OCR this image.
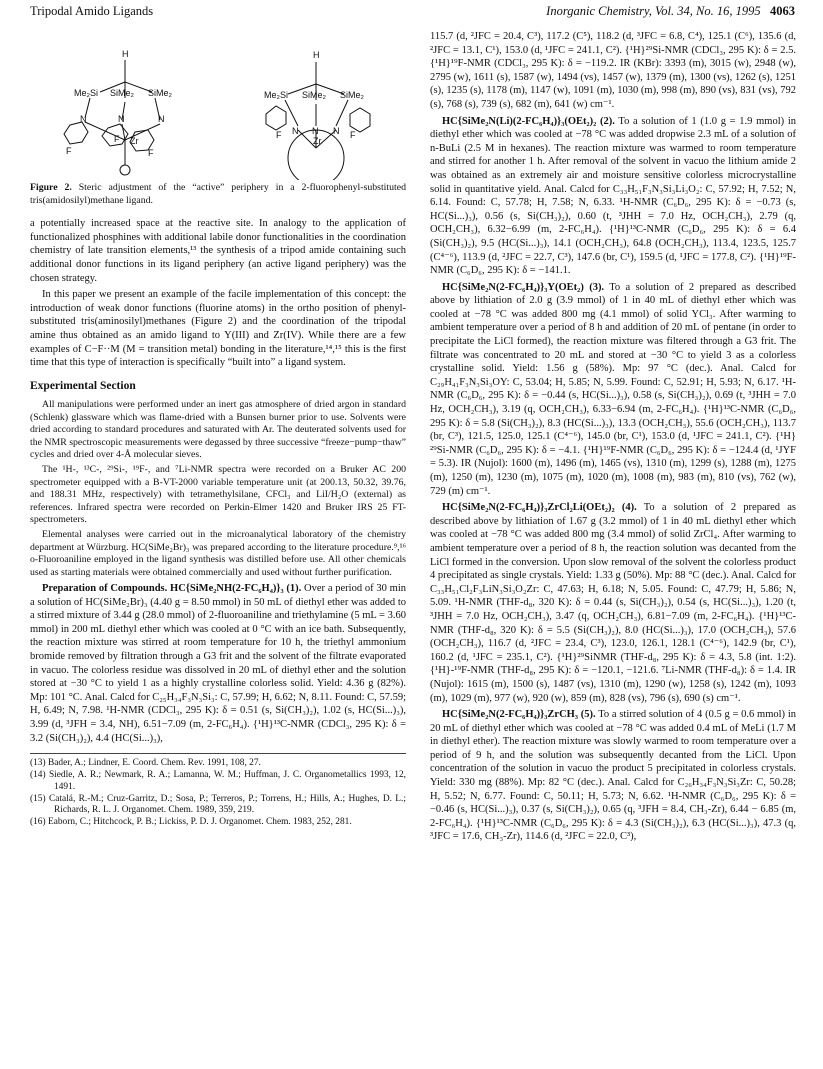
Tripodal Amido Ligands	Inorganic Chemistry, Vol. 34, No. 16, 1995 4063
H
Me₂Si SiMe₂ SiMe₂
N	N	N
F
F
F
Zr
H
Me₂Si SiMe₂ SiMe₂
N N N
F	F
Zr
Figure 2. Steric adjustment of the “active” periphery in a 2-fluorophenyl-substituted tris(amidosilyl)methane ligand.

a potentially increased space at the reactive site. In analogy to the application of functionalized phosphines with additional labile donor functionalities in the coordination chemistry of late transition elements,¹³ the synthesis of a tripod amide containing such additional donor functions in its ligand periphery (an active ligand periphery) was the chosen strategy.

In this paper we present an example of the facile implementation of this concept: the introduction of weak donor functions (fluorine atoms) in the ortho position of phenyl-substituted tris(aminosilyl)methanes (Figure 2) and the coordination of the tripodal amine thus obtained as an amido ligand to Y(III) and Zr(IV). While there are a few examples of C−F··M (M = transition metal) bonding in the literature,¹⁴,¹⁵ this is the first time that this type of interaction is specifically “built into” a ligand system.

Experimental Section

All manipulations were performed under an inert gas atmosphere of dried argon in standard (Schlenk) glassware which was flame-dried with a Bunsen burner prior to use. Solvents were dried according to standard procedures and saturated with Ar. The deuterated solvents used for the NMR spectroscopic measurements were degassed by three successive “freeze−pump−thaw” cycles and dried over 4-Å molecular sieves.

The ¹H-, ¹³C-, ²⁹Si-, ¹⁹F-, and ⁷Li-NMR spectra were recorded on a Bruker AC 200 spectrometer equipped with a B-VT-2000 variable temperature unit (at 200.13, 50.32, 39.76, and 188.31 MHz, respectively) with tetramethylsilane, CFCl₃ and LiI/H₂O (external) as references. Infrared spectra were recorded on Perkin-Elmer 1420 and Bruker IRS 25 FT-spectrometers.

Elemental analyses were carried out in the microanalytical laboratory of the chemistry department at Würzburg. HC(SiMe₂Br)₃ was prepared according to the literature procedure.⁹,¹⁶ o-Fluoroaniline employed in the ligand synthesis was distilled before use. All other chemicals used as starting materials were obtained commercially and used without further purification.

Preparation of Compounds. HC{SiMe₂NH(2-FC₆H₄)}₃ (1). Over a period of 30 min a solution of HC(SiMe₂Br)₃ (4.40 g = 8.50 mmol) in 50 mL of diethyl ether was added to a stirred mixture of 3.44 g (28.0 mmol) of 2-fluoroaniline and triethylamine (5 mL = 3.60 mmol) in 200 mL diethyl ether which was cooled at 0 °C with an ice bath. Subsequently, the reaction mixture was stirred at room temperature for 10 h, the triethyl ammonium bromide removed by filtration through a G3 frit and the solvent of the filtrate evaporated in vacuo. The colorless residue was dissolved in 20 mL of diethyl ether and the solution stored at −30 °C to yield 1 as a highly crystalline colorless solid. Yield: 4.36 g (82%). Mp: 101 °C. Anal. Calcd for C₂₅H₃₄F₃N₃Si₃: C, 57.99; H, 6.62; N, 8.11. Found: C, 57.59; H, 6.49; N, 7.98. ¹H-NMR (CDCl₃, 295 K): δ = 0.51 (s, Si(CH₃)₂), 1.02 (s, HC(Si...)₃), 3.99 (d, ³JFH = 3.4, NH), 6.51−7.09 (m, 2-FC₆H₄). {¹H}¹³C-NMR (CDCl₃, 295 K): δ = 3.2 (Si(CH₃)₂), 4.4 (HC(Si...)₃),

(13) Bader, A.; Lindner, E. Coord. Chem. Rev. 1991, 108, 27.

(14) Siedle, A. R.; Newmark, R. A.; Lamanna, W. M.; Huffman, J. C. Organometallics 1993, 12, 1491.

(15) Catalá, R.-M.; Cruz-Garritz, D.; Sosa, P.; Terreros, P.; Torrens, H.; Hills, A.; Hughes, D. L.; Richards, R. L. J. Organomet. Chem. 1989, 359, 219.

(16) Eaborn, C.; Hitchcock, P. B.; Lickiss, P. D. J. Organomet. Chem. 1983, 252, 281.

115.7 (d, ²JFC = 20.4, C³), 117.2 (C⁵), 118.2 (d, ³JFC = 6.8, C⁴), 125.1 (C⁶), 135.6 (d, ²JFC = 13.1, C¹), 153.0 (d, ¹JFC = 241.1, C²). {¹H}²⁹Si-NMR (CDCl₃, 295 K): δ = 2.5. {¹H}¹⁹F-NMR (CDCl₃, 295 K): δ = −119.2. IR (KBr): 3393 (m), 3015 (w), 2948 (w), 2795 (w), 1611 (s), 1587 (w), 1494 (vs), 1457 (w), 1379 (m), 1300 (vs), 1262 (s), 1251 (s), 1235 (s), 1178 (m), 1147 (w), 1091 (m), 1030 (m), 998 (m), 890 (vs), 831 (vs), 792 (s), 768 (s), 739 (s), 682 (m), 641 (w) cm⁻¹.

HC{SiMe₂N(Li)(2-FC₆H₄)}₃(OEt₂)₂ (2). To a solution of 1 (1.0 g = 1.9 mmol) in diethyl ether which was cooled at −78 °C was added dropwise 2.3 mL of a solution of n-BuLi (2.5 M in hexanes). The reaction mixture was warmed to room temperature and stirred for another 1 h. After removal of the solvent in vacuo the lithium amide 2 was obtained as an extremely air and moisture sensitive colorless microcrystalline solid in quantitative yield. Anal. Calcd for C₃₃H₅₁F₃N₃Si₃Li₃O₂: C, 57.92; H, 7.52; N, 6.14. Found: C, 57.78; H, 7.58; N, 6.33. ¹H-NMR (C₆D₆, 295 K): δ = −0.73 (s, HC(Si...)₃), 0.56 (s, Si(CH₃)₂), 0.60 (t, ³JHH = 7.0 Hz, OCH₂CH₃), 2.79 (q, OCH₂CH₃), 6.32−6.99 (m, 2-FC₆H₄). {¹H}¹³C-NMR (C₆D₆, 295 K): δ = 6.4 (Si(CH₃)₂), 9.5 (HC(Si...)₃), 14.1 (OCH₂CH₃), 64.8 (OCH₂CH₃), 113.4, 123.5, 125.7 (C⁴⁻⁶), 113.9 (d, ²JFC = 22.7, C³), 147.6 (br, C¹), 159.5 (d, ¹JFC = 177.8, C²). {¹H}¹⁹F-NMR (C₆D₆, 295 K): δ = −141.1.

HC{SiMe₂N(2-FC₆H₄)}₃Y(OEt₂) (3). To a solution of 2 prepared as described above by lithiation of 2.0 g (3.9 mmol) of 1 in 40 mL of diethyl ether which was cooled at −78 °C was added 800 mg (4.1 mmol) of solid YCl₃. After warming to ambient temperature over a period of 8 h and addition of 20 mL of pentane (in order to precipitate the LiCl formed), the reaction mixture was filtered through a G3 frit. The filtrate was concentrated to 20 mL and stored at −30 °C to yield 3 as a colorless crystalline solid. Yield: 1.56 g (58%). Mp: 97 °C (dec.). Anal. Calcd for C₂₉H₄₁F₃N₃Si₃OY: C, 53.04; H, 5.85; N, 5.99. Found: C, 52.91; H, 5.93; N, 6.17. ¹H-NMR (C₆D₆, 295 K): δ = −0.44 (s, HC(Si...)₃), 0.58 (s, Si(CH₃)₂), 0.69 (t, ³JHH = 7.0 Hz, OCH₂CH₃), 3.19 (q, OCH₂CH₃), 6.33−6.94 (m, 2-FC₆H₄). {¹H}¹³C-NMR (C₆D₆, 295 K): δ = 5.8 (Si(CH₃)₂), 8.3 (HC(Si...)₃), 13.3 (OCH₂CH₃), 55.6 (OCH₂CH₃), 113.7 (br, C³), 121.5, 125.0, 125.1 (C⁴⁻⁶), 145.0 (br, C¹), 153.0 (d, ¹JFC = 241.1, C²). {¹H}²⁹Si-NMR (C₆D₆, 295 K): δ = −4.1. {¹H}¹⁹F-NMR (C₆D₆, 295 K): δ = −124.4 (d, ¹JYF = 5.3). IR (Nujol): 1600 (m), 1496 (m), 1465 (vs), 1310 (m), 1299 (s), 1288 (m), 1275 (m), 1250 (m), 1230 (m), 1075 (m), 1020 (m), 1008 (m), 983 (m), 810 (vs), 762 (w), 729 (m) cm⁻¹.

HC{SiMe₂N(2-FC₆H₄)}₃ZrCl₂Li(OEt₂)₂ (4). To a solution of 2 prepared as described above by lithiation of 1.67 g (3.2 mmol) of 1 in 40 mL diethyl ether which was cooled at −78 °C was added 800 mg (3.4 mmol) of solid ZrCl₄. After warming to ambient temperature over a period of 8 h, the reaction solution was decanted from the LiCl formed in the conversion. Upon slow removal of the solvent the colorless product 4 precipitated as single crystals. Yield: 1.33 g (50%). Mp: 88 °C (dec.). Anal. Calcd for C₃₃H₅₁Cl₂F₃LiN₃Si₃O₂Zr: C, 47.63; H, 6.18; N, 5.05. Found: C, 47.79; H, 5.86; N, 5.09. ¹H-NMR (THF-d₈, 320 K): δ = 0.44 (s, Si(CH₃)₂), 0.54 (s, HC(Si...)₃), 1.20 (t, ³JHH = 7.0 Hz, OCH₂CH₃), 3.47 (q, OCH₂CH₃), 6.81−7.09 (m, 2-FC₆H₄). {¹H}¹³C-NMR (THF-d₈, 320 K): δ = 5.5 (Si(CH₃)₂), 8.0 (HC(Si...)₃), 17.0 (OCH₂CH₃), 57.6 (OCH₂CH₃), 116.7 (d, ²JFC = 23.4, C³), 123.0, 126.1, 128.1 (C⁴⁻⁶), 142.9 (br, C¹), 160.2 (d, ¹JFC = 235.1, C²). {¹H}²⁹SiNMR (THF-d₈, 295 K): δ = 4.3, 5.8 (int. 1:2). {¹H}-¹⁹F-NMR (THF-d₈, 295 K): δ = −120.1, −121.6. ⁷Li-NMR (THF-d₈): δ = 1.4. IR (Nujol): 1615 (m), 1500 (s), 1487 (vs), 1310 (m), 1290 (w), 1258 (s), 1242 (m), 1093 (m), 1029 (m), 977 (w), 920 (w), 859 (m), 828 (vs), 796 (s), 690 (s) cm⁻¹.

HC{SiMe₂N(2-FC₆H₄)}₃ZrCH₃ (5). To a stirred solution of 4 (0.5 g = 0.6 mmol) in 20 mL of diethyl ether which was cooled at −78 °C was added 0.4 mL of MeLi (1.7 M in diethyl ether). The reaction mixture was slowly warmed to room temperature over a period of 9 h, and the solution was subsequently decanted from the LiCl. Upon concentration of the solution in vacuo the product 5 precipitated in colorless crystals. Yield: 330 mg (88%). Mp: 82 °C (dec.). Anal. Calcd for C₂₆H₃₄F₃N₃Si₃Zr: C, 50.28; H, 5.52; N, 6.77. Found: C, 50.11; H, 5.73; N, 6.62. ¹H-NMR (C₆D₆, 295 K): δ = −0.46 (s, HC(Si...)₃), 0.37 (s, Si(CH₃)₂), 0.65 (q, ³JFH = 8.4, CH₃-Zr), 6.44 − 6.85 (m, 2-FC₆H₄). {¹H}¹³C-NMR (C₆D₆, 295 K): δ = 4.3 (Si(CH₃)₂), 6.3 (HC(Si...)₃), 47.3 (q, ³JFC = 17.6, CH₃-Zr), 114.6 (d, ²JFC = 22.0, C³),
